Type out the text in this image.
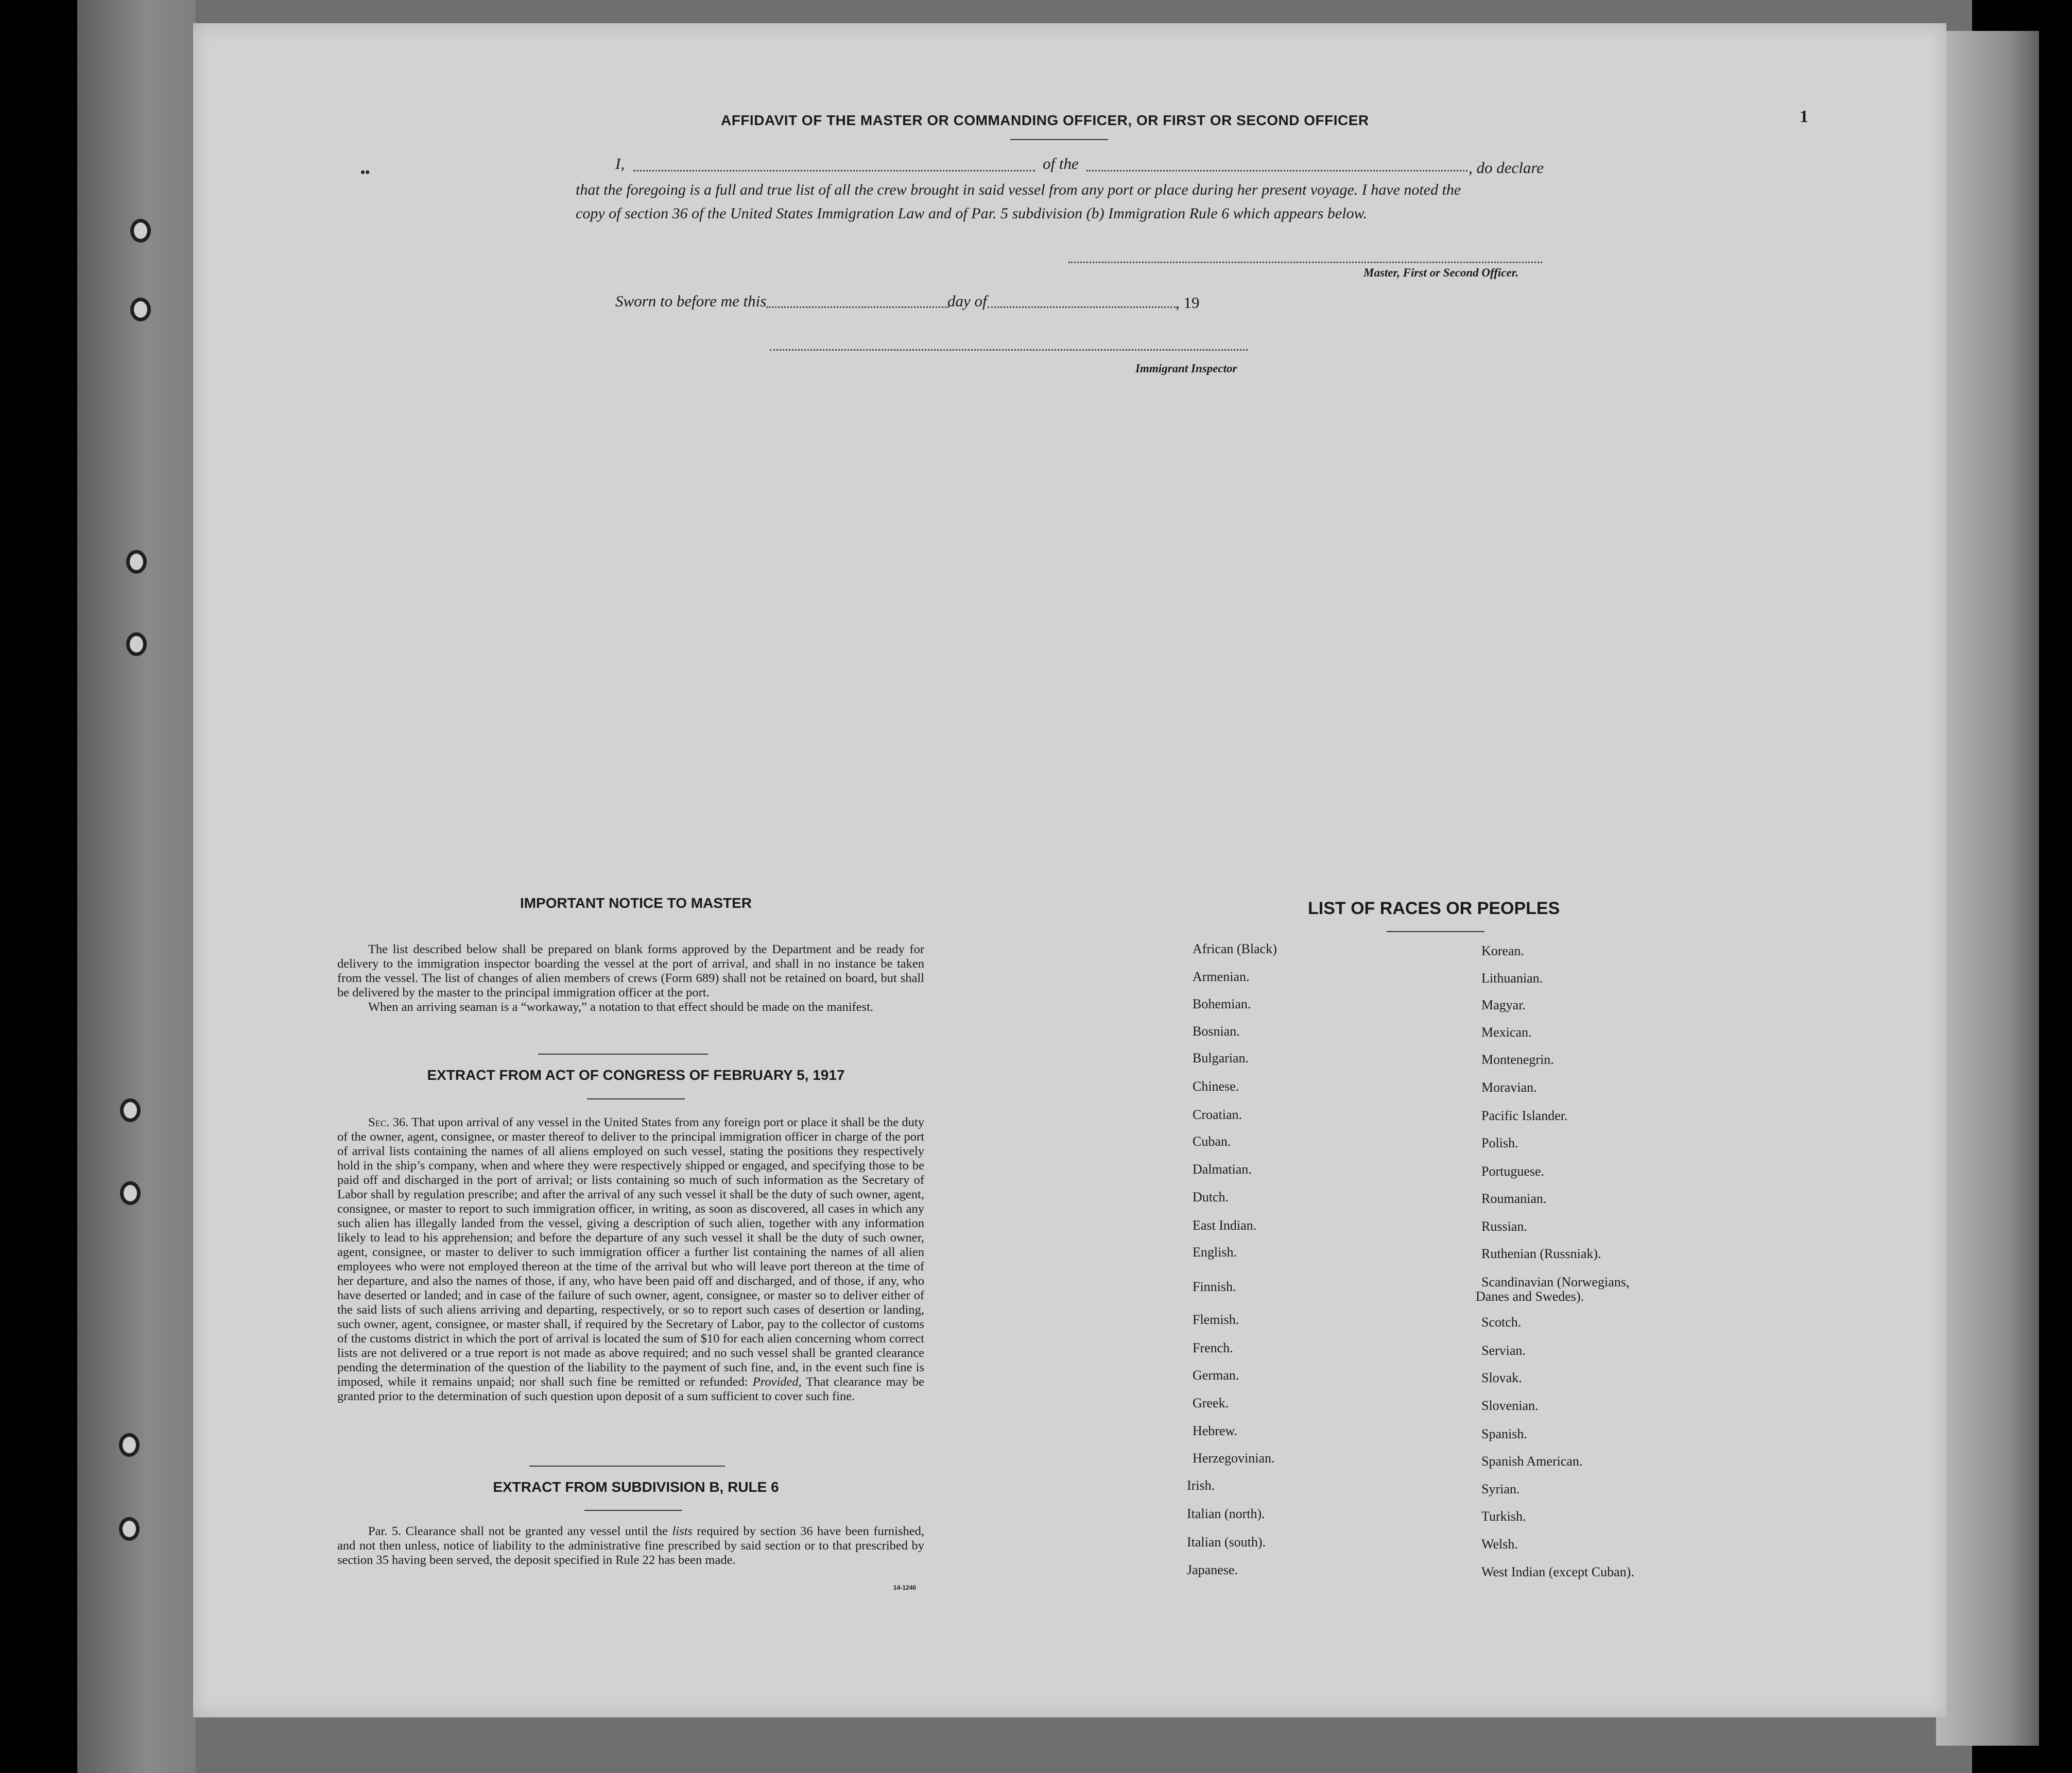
AFFIDAVIT OF THE MASTER OR COMMANDING OFFICER, OR FIRST OR SECOND OFFICER	1
I,	of the	, do declare
that the foregoing is a full and true list of all the crew brought in said vessel from any port or place during her present voyage. I have noted the
copy of section 36 of the United States Immigration Law and of Par. 5 subdivision (b) Immigration Rule 6 which appears below.
Master, First or Second Officer.
Sworn to before me this	day of	, 19
Immigrant Inspector
IMPORTANT NOTICE TO MASTER

The list described below shall be prepared on blank forms approved by the Department and be ready for delivery to the immigration inspector boarding the vessel at the port of arrival, and shall in no instance be taken from the vessel. The list of changes of alien members of crews (Form 689) shall not be retained on board, but shall be delivered by the master to the principal immigration officer at the port.

When an arriving seaman is a “workaway,” a notation to that effect should be made on the manifest.

EXTRACT FROM ACT OF CONGRESS OF FEBRUARY 5, 1917

Sec. 36. That upon arrival of any vessel in the United States from any foreign port or place it shall be the duty of the owner, agent, consignee, or master thereof to deliver to the principal immigration officer in charge of the port of arrival lists containing the names of all aliens employed on such vessel, stating the positions they respectively hold in the ship’s company, when and where they were respectively shipped or engaged, and specifying those to be paid off and discharged in the port of arrival; or lists containing so much of such information as the Secretary of Labor shall by regulation prescribe; and after the arrival of any such vessel it shall be the duty of such owner, agent, consignee, or master to report to such immigration officer, in writing, as soon as discovered, all cases in which any such alien has illegally landed from the vessel, giving a description of such alien, together with any information likely to lead to his apprehension; and before the departure of any such vessel it shall be the duty of such owner, agent, consignee, or master to deliver to such immigration officer a further list containing the names of all alien employees who were not employed thereon at the time of the arrival but who will leave port thereon at the time of her departure, and also the names of those, if any, who have been paid off and discharged, and of those, if any, who have deserted or landed; and in case of the failure of such owner, agent, consignee, or master so to deliver either of the said lists of such aliens arriving and departing, respectively, or so to report such cases of desertion or landing, such owner, agent, consignee, or master shall, if required by the Secretary of Labor, pay to the collector of customs of the customs district in which the port of arrival is located the sum of $10 for each alien concerning whom correct lists are not delivered or a true report is not made as above required; and no such vessel shall be granted clearance pending the determination of the question of the liability to the payment of such fine, and, in the event such fine is imposed, while it remains unpaid; nor shall such fine be remitted or refunded: Provided, That clearance may be granted prior to the determination of such question upon deposit of a sum sufficient to cover such fine.

EXTRACT FROM SUBDIVISION B, RULE 6

Par. 5. Clearance shall not be granted any vessel until the lists required by section 36 have been furnished, and not then unless, notice of liability to the administrative fine prescribed by said section or to that prescribed by section 35 having been served, the deposit specified in Rule 22 has been made.

14-1240
LIST OF RACES OR PEOPLES
African (Black)
Armenian.
Bohemian.
Bosnian.
Bulgarian.
Chinese.
Croatian.
Cuban.
Dalmatian.
Dutch.
East Indian.
English.
Finnish.
Flemish.
French.
German.
Greek.
Hebrew.
Herzegovinian.
Irish.
Italian (north).
Italian (south).
Japanese.
Korean.
Lithuanian.
Magyar.
Mexican.
Montenegrin.
Moravian.
Pacific Islander.
Polish.
Portuguese.
Roumanian.
Russian.
Ruthenian (Russniak).
Scandinavian (Norwegians,
Scotch.
Servian.
Slovak.
Slovenian.
Spanish.
Spanish American.
Syrian.
Turkish.
Welsh.
West Indian (except Cuban).
Danes and Swedes).
••
